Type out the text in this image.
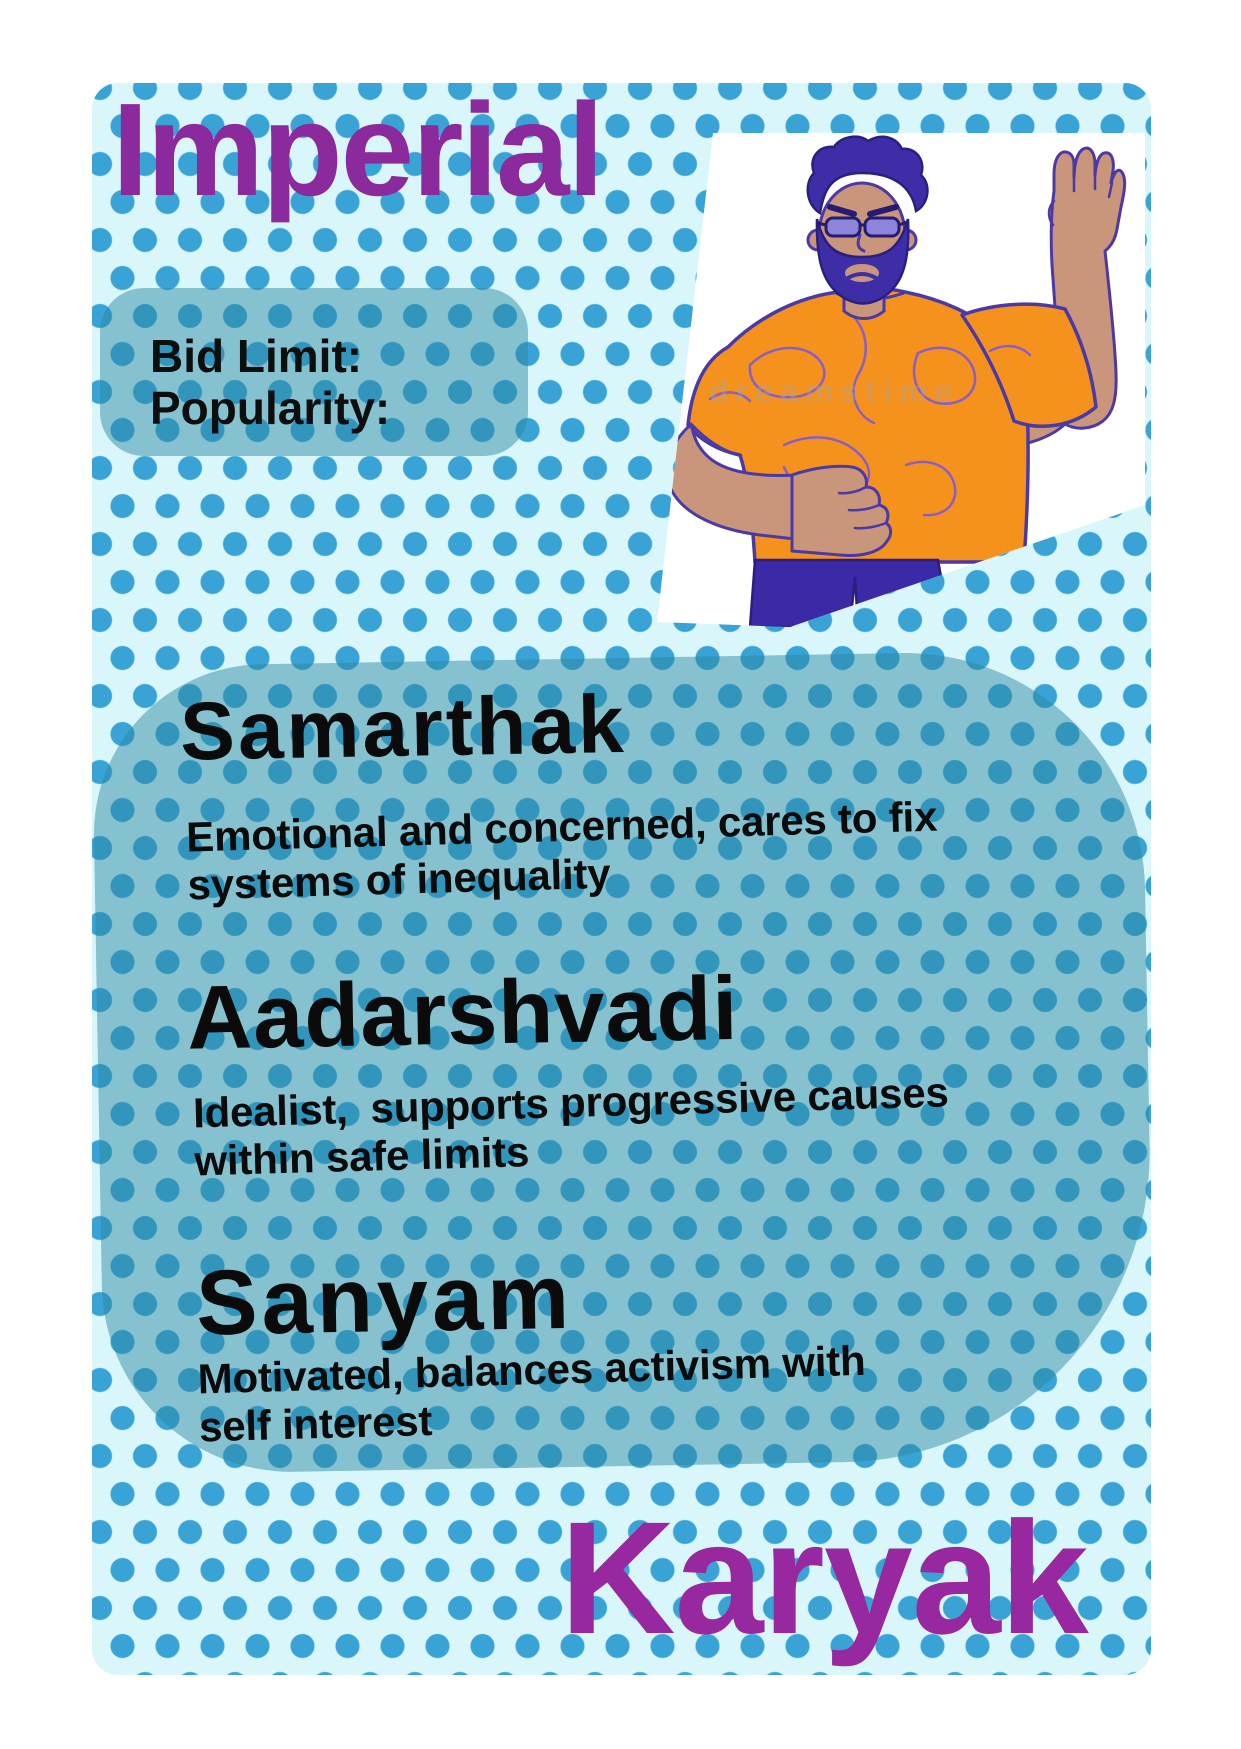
dreamstime
Imperial
Bid Limit:
Popularity:
Samarthak
Emotional and concerned, cares to fix
systems of inequality
Aadarshvadi
Idealist,  supports progressive causes
within safe limits
Sanyam
Motivated, balances activism with
self interest
Karyak
